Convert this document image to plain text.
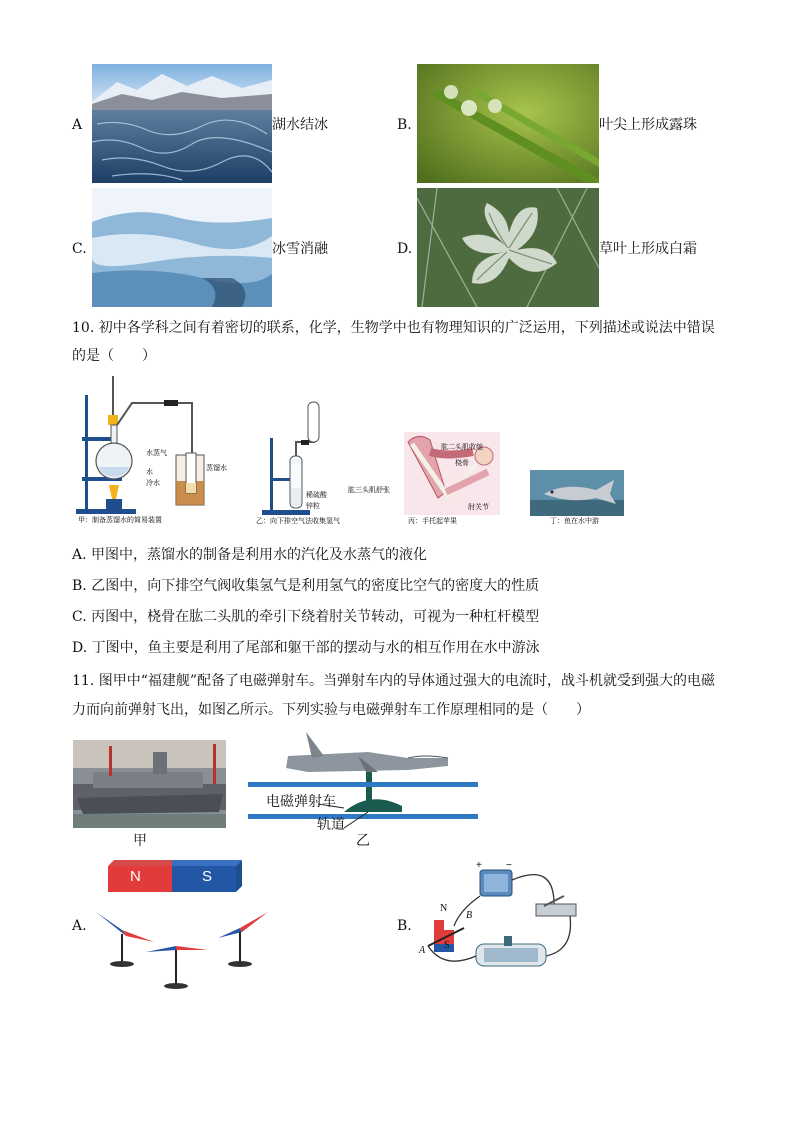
A	湖水结冰	B.	叶尖上形成露珠
C.	冰雪消融	D.	草叶上形成白霜
10. 初中各学科之间有着密切的联系，化学，生物学中也有物理知识的广泛运用，下列描述或说法中错误
的是（　　）
甲：制备蒸馏水的简易装置
水蒸气
水
冷水
蒸馏水
乙：向下排空气法收集氢气
稀硫酸
锌粒
丙：手托起苹果
肱二头肌收缩
桡骨
肱三头肌舒张
肘关节
丁：鱼在水中游
A. 甲图中，蒸馏水的制备是利用水的汽化及水蒸气的液化
B. 乙图中，向下排空气阀收集氢气是利用氢气的密度比空气的密度大的性质
C. 丙图中，桡骨在肱二头肌的牵引下绕着肘关节转动，可视为一种杠杆模型
D. 丁图中，鱼主要是利用了尾部和躯干部的摆动与水的相互作用在水中游泳
11. 图甲中“福建舰”配备了电磁弹射车。当弹射车内的导体通过强大的电流时，战斗机就受到强大的电磁
力而向前弹射飞出，如图乙所示。下列实验与电磁弹射车工作原理相同的是（　　）
甲
电磁弹射车
轨道
乙
N	S
A.	B.
N
S
A
B
+ −
